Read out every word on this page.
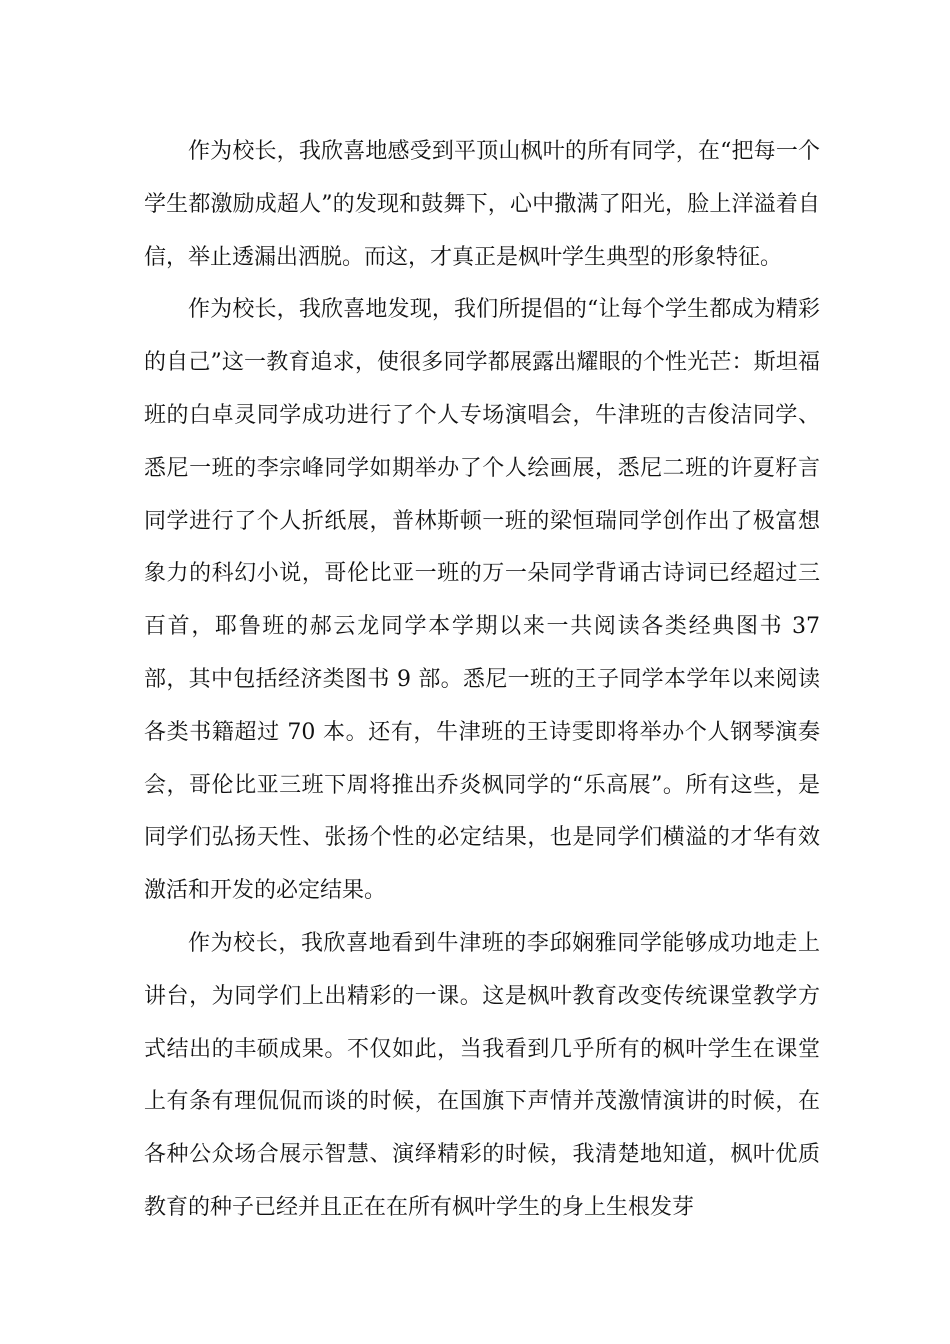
作为校长，我欣喜地感受到平顶山枫叶的所有同学，在“把每一个学生都激励成超人”的发现和鼓舞下，心中撒满了阳光，脸上洋溢着自信，举止透漏出洒脱。而这，才真正是枫叶学生典型的形象特征。

作为校长，我欣喜地发现，我们所提倡的“让每个学生都成为精彩的自己”这一教育追求，使很多同学都展露出耀眼的个性光芒：斯坦福班的白卓灵同学成功进行了个人专场演唱会，牛津班的吉俊洁同学、悉尼一班的李宗峰同学如期举办了个人绘画展，悉尼二班的许夏籽言同学进行了个人折纸展，普林斯顿一班的梁恒瑞同学创作出了极富想象力的科幻小说，哥伦比亚一班的万一朵同学背诵古诗词已经超过三百首，耶鲁班的郝云龙同学本学期以来一共阅读各类经典图书 37 部，其中包括经济类图书 9 部。悉尼一班的王子同学本学年以来阅读各类书籍超过 70 本。还有，牛津班的王诗雯即将举办个人钢琴演奏会，哥伦比亚三班下周将推出乔炎枫同学的“乐高展”。所有这些，是同学们弘扬天性、张扬个性的必定结果，也是同学们横溢的才华有效激活和开发的必定结果。

作为校长，我欣喜地看到牛津班的李邱娴雅同学能够成功地走上讲台，为同学们上出精彩的一课。这是枫叶教育改变传统课堂教学方式结出的丰硕成果。不仅如此，当我看到几乎所有的枫叶学生在课堂上有条有理侃侃而谈的时候，在国旗下声情并茂激情演讲的时候，在各种公众场合展示智慧、演绎精彩的时候，我清楚地知道，枫叶优质教育的种子已经并且正在在所有枫叶学生的身上生根发芽
